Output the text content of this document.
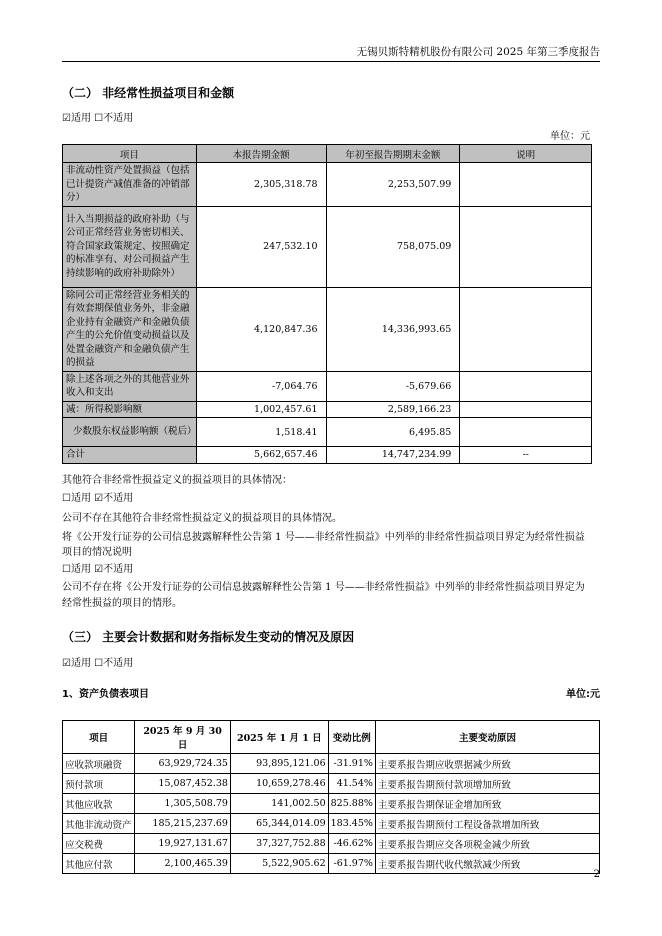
无锡贝斯特精机股份有限公司 2025 年第三季度报告
（二） 非经常性损益项目和金额
☑适用 ☐不适用
单位：元
项目	本报告期金额	年初至报告期期末金额	说明
非流动性资产处置损益（包括已计提资产减值准备的冲销部分）	2,305,318.78	2,253,507.99	
计入当期损益的政府补助（与公司正常经营业务密切相关、符合国家政策规定、按照确定的标准享有、对公司损益产生持续影响的政府补助除外）	247,532.10	758,075.09	
除同公司正常经营业务相关的有效套期保值业务外，非金融企业持有金融资产和金融负债产生的公允价值变动损益以及处置金融资产和金融负债产生的损益	4,120,847.36	14,336,993.65	
除上述各项之外的其他营业外收入和支出	-7,064.76	-5,679.66	
减：所得税影响额	1,002,457.61	2,589,166.23	
少数股东权益影响额（税后）	1,518.41	6,495.85	
合计	5,662,657.46	14,747,234.99	--
其他符合非经常性损益定义的损益项目的具体情况：
☐适用 ☑不适用
公司不存在其他符合非经常性损益定义的损益项目的具体情况。
将《公开发行证券的公司信息披露解释性公告第 1 号——非经常性损益》中列举的非经常性损益项目界定为经常性损益项目的情况说明
☐适用 ☑不适用
公司不存在将《公开发行证券的公司信息披露解释性公告第 1 号——非经常性损益》中列举的非经常性损益项目界定为经常性损益的项目的情形。
（三） 主要会计数据和财务指标发生变动的情况及原因
☑适用 ☐不适用
1、资产负债表项目	单位:元
项目	2025 年 9 月 30 日	2025 年 1 月 1 日	变动比例	主要变动原因
应收款项融资	63,929,724.35	93,895,121.06	-31.91%	主要系报告期应收票据减少所致
预付款项	15,087,452.38	10,659,278.46	41.54%	主要系报告期预付款项增加所致
其他应收款	1,305,508.79	141,002.50	825.88%	主要系报告期保证金增加所致
其他非流动资产	185,215,237.69	65,344,014.09	183.45%	主要系报告期预付工程设备款增加所致
应交税费	19,927,131.67	37,327,752.88	-46.62%	主要系报告期应交各项税金减少所致
其他应付款	2,100,465.39	5,522,905.62	-61.97%	主要系报告期代收代缴款减少所致
2
